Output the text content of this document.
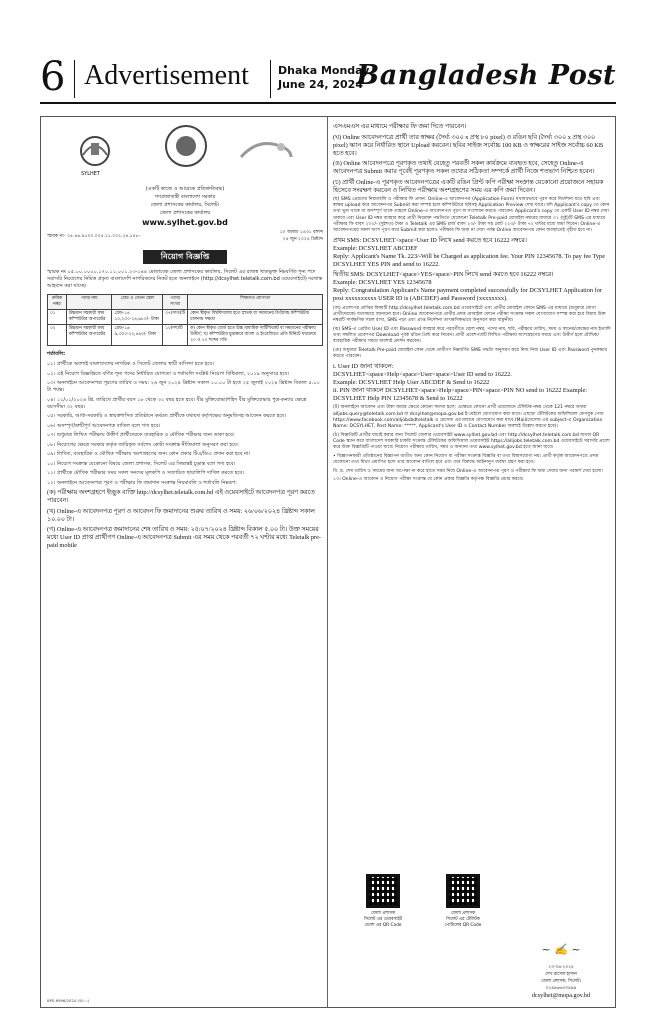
6 Advertisement	Dhaka Monday
June 24, 2024
Bangladesh Post
SYLHET
(একটি কাজে ও আরেকে প্রতিশ্রুতিবদ্ধ)
গণপ্রজাতন্ত্রী বাংলাদেশ সরকার
জেলা প্রশাসকের কার্যালয়, সিলেট।
জেলা প্রশাসকের কার্যালয়
www.sylhet.gov.bd
স্মারক নং- ০৫.৪৬.৯১০০.০০৫.১১.০০২.২৪.১৪৮-
১০ আষাঢ় ১৪৩১ বঙ্গাব্দ
২৪ জুন ২০২৪ খ্রিষ্টাব্দ
নিয়োগ বিজ্ঞপ্তি

স্মারক নং ০৫.০০.০০০০.১৭০.১১.০০১.২৩-১৪৪ মোতাবেক জেলা প্রশাসকের কার্যালয়, সিলেট এর রাজস্ব খাতভুক্ত নিম্নবর্ণিত শূন্য পদে সরাসরি নিয়োগের নিমিত্ত প্রকৃত বাংলাদেশি নাগরিকদের নিকট হতে অনলাইনে (http://dcsylhet.teletalk.com.bd ওয়েবসাইটে) দরখাস্ত আহবান করা যাচ্ছে।

ক্রমিক নম্বর	পদের নাম	গ্রেড ও বেতন স্কেল	পদের সংখ্যা	শিক্ষাগত যোগ্যতা
০১	উচ্চমান সহকারী কাম কম্পিউটার অপারেটর	গ্রেড-১৪ ১০,২০০-২৪,৬৮০/- টাকা	০৭(সাত)টি	কোন স্বীকৃত বিশ্ববিদ্যালয় হতে স্নাতক বা সমমানের ডিগ্রিসহ কম্পিউটার চালনায় দক্ষতা
০২	উচ্চমান সহকারী কাম কম্পিউটার অপারেটর	গ্রেড-১৬ ৯,৩০০-২২,৪৯০/- টাকা	১০(দশ)টি	ক) কোন স্বীকৃত বোর্ড হতে উচ্চ মাধ্যমিক সার্টিফিকেট বা সমমানের পরীক্ষায় উত্তীর্ণ; খ) কম্পিউটার মুদ্রাক্ষরে বাংলা ও ইংরেজিতে প্রতি মিনিটে যথাক্রমে ২০ ও ২০ শব্দের গতি
শর্তাবলি:

০১। প্রার্থীকে অবশ্যই বাংলাদেশের নাগরিক ও সিলেট জেলার স্থায়ী বাসিন্দা হতে হবে।

০২। এই নিয়োগ বিজ্ঞপ্তিতে বর্ণিত শূন্য পদের নির্ধারিত যোগ্যতা ও শর্তাবলি সংশ্লিষ্ট নিয়োগ বিধিমালা, ২০১৯ অনুসারে হবে।

০৩। অনলাইনে আবেদনপত্র পূরণের তারিখ ও সময়: ২৬ জুন ২০২৪ খ্রিষ্টাব্দ সকাল ১০.০০ টা হতে ২৫ জুলাই ২০২৪ খ্রিষ্টাব্দ বিকাল ৫.০০ টা পর্যন্ত।

০৪। ১১/০১/২০২৪ খ্রি. তারিখে প্রার্থীর বয়স ১৮ থেকে ৩২ বছর হতে হবে। বীর মুক্তিযোদ্ধা/শহিদ বীর মুক্তিযোদ্ধার পুত্র-কন্যার ক্ষেত্রে বয়সসীমা ৩২ বছর।

০৫। সরকারি, আধা-সরকারি ও স্বায়ত্তশাসিত প্রতিষ্ঠানে কর্মরত প্রার্থীকে যথাযথ কর্তৃপক্ষের অনুমতিসহ আবেদন করতে হবে।

০৬। অসম্পূর্ণ/ত্রুটিপূর্ণ আবেদনপত্র বাতিল বলে গণ্য হবে।

০৭। শুধুমাত্র লিখিত পরীক্ষায় উত্তীর্ণ প্রার্থীদেরকে ব্যবহারিক ও মৌখিক পরীক্ষার জন্য ডাকা হবে।

০৮। নিয়োগের ক্ষেত্রে সরকার কর্তৃক জারিকৃত সর্বশেষ কোটা সংক্রান্ত নীতিমালা অনুসরণ করা হবে।

০৯। লিখিত, ব্যবহারিক ও মৌখিক পরীক্ষায় অংশগ্রহণের জন্য কোন প্রকার টিএ/ডিএ প্রদান করা হবে না।

১০। নিয়োগ সংক্রান্ত যেকোনো বিষয়ে জেলা প্রশাসক, সিলেট এর সিদ্ধান্তই চূড়ান্ত বলে গণ্য হবে।

১১। প্রার্থীকে মৌখিক পরীক্ষার সময় সকল সনদের মূলকপি ও সত্যায়িত ছায়ালিপি দাখিল করতে হবে।

১২। অনলাইনে আবেদনপত্র পূরণ ও পরীক্ষার ফি জমাদান সংক্রান্ত নিয়মাবলি ও শর্তাবলি নিম্নরূপ:

(ক) পরীক্ষায় অংশগ্রহণে ইচ্ছুক ব্যক্তি http://dcsylhet.teletalk.com.bd এই ওয়েবসাইটে আবেদনপত্র পূরণ করতে পারবেন।

(খ) Online-এ আবেদনপত্র পূরণ ও আবেদন ফি জমাদানের শুরুর তারিখ ও সময়: ২৬/০৬/২০২৪ খ্রিষ্টাব্দ সকাল ১০.০০ টা।

(গ) Online-এ আবেদনপত্র জমাদানের শেষ তারিখ ও সময়: ২৫/০৭/২০২৪ খ্রিষ্টাব্দ বিকাল ৫.০০ টা। উক্ত সময়ের মধ্যে User ID প্রাপ্ত প্রার্থীগণ Online-এ আবেদনপত্র Submit এর সময় থেকে পরবর্তী ৭২ ঘণ্টার মধ্যে Teletalk pre-paid mobile

এসএমএস এর মাধ্যমে পরীক্ষার ফি জমা দিতে পারবেন।

(ঘ) Online আবেদনপত্রে প্রার্থী তার স্বাক্ষর (দৈর্ঘ্য ৩০০ x প্রস্থ ৮০ pixel) ও রঙিন ছবি (দৈর্ঘ্য ৩০০ x প্রস্থ ৩০০ pixel) স্ক্যান করে নির্ধারিত স্থানে Upload করবেন। ছবির সাইজ সর্বোচ্চ 100 KB ও স্বাক্ষরের সাইজ সর্বোচ্চ 60 KB হতে হবে।

(ঙ) Online আবেদনপত্রে পূরণকৃত তথ্যই যেহেতু পরবর্তী সকল কার্যক্রমে ব্যবহৃত হবে, সেহেতু Online-এ আবেদনপত্র Submit করার পূর্বেই পূরণকৃত সকল তথ্যের সঠিকতা সম্পর্কে প্রার্থী নিজে শতভাগ নিশ্চিত হবেন।

(চ) প্রার্থী Online-এ পূরণকৃত আবেদনপত্রের একটি রঙিন প্রিন্ট কপি পরীক্ষা সংক্রান্ত যেকোনো প্রয়োজনে সহায়ক হিসেবে সংরক্ষণ করবেন ও লিখিত পরীক্ষায় অংশগ্রহণের সময় এর কপি জমা দিবেন।

(ছ) SMS প্রেরণের নিয়মাবলি ও পরীক্ষার ফি প্রদান: Online-এ আবেদনপত্র (Application Form) যথাযথভাবে পূরণ করে নির্দেশনা মতে ছবি এবং স্বাক্ষর upload করে আবেদনপত্র Submit করা সম্পন্ন হলে কম্পিউটারে ছবিসহ Application Preview দেখা যাবে। যদি Applicant's copy তে কোন তথ্য ভুল থাকে বা অসম্পূর্ণ থাকে তাহলে Online-এ আবেদনপত্র পূরণ বা সংশোধন করতে পারবেন। Applicant's copy তে একটি User ID নম্বর দেয়া থাকবে এবং User ID নম্বর ব্যবহার করে প্রার্থী নিম্নোক্ত পদ্ধতিতে যেকোনো Teletalk Pre-paid মোবাইল নম্বরের মাধ্যমে ০২ (দুই)টি SMS এর মাধ্যমে পরীক্ষার ফি বাবদ ২০০/- (দুইশত) টাকা ও Teletalk এর SMS চার্জ বাবদ ২৩/- টাকা সহ মোট ২২৩/- টাকা ৭২ ঘণ্টার মধ্যে জমা দিবেন। Online-এ আবেদনপত্রের সকল অংশ পূরণ করে Submit করা হলেও পরীক্ষার ফি জমা না দেয়া পর্যন্ত Online আবেদনপত্র কোন অবস্থাতেই গৃহীত হবে না।

প্রথম SMS: DCSYLHET<space>User ID লিখে send করতে হবে 16222 নম্বরে।

Example: DCSYLHET ABCDEF

Reply: Applicant's Name Tk. 223/-Will be Charged as application fee. Your PIN 12345678. To pay fee Type DCSYLHET YES PIN and send to 16222.

দ্বিতীয় SMS: DCSYLHET<space>YES<space>PIN লিখে send করতে হবে 16222 নম্বরে।

Example: DCSYLHET YES 12345678

Reply: Congratulation Applicant's Name payment completed successfully for DCSYLHET Application for post xxxxxxxxxx USER ID is (ABCDEF) and Password (xxxxxxxx).

(জ) প্রবেশপত্র প্রাপ্তির বিষয়টি http://dcsylhet.teletalk.com.bd ওয়েবসাইটে এবং প্রার্থীর মোবাইল ফোনে SMS এর মাধ্যমে (শুধুমাত্র যোগ্য প্রার্থীদেরকে) যথাসময়ে জানানো হবে। Online আবেদনপত্রে প্রার্থীর প্রদত্ত মোবাইল ফোনে পরীক্ষা সংক্রান্ত সকল যোগাযোগ সম্পন্ন করা হবে বিধায় উক্ত নম্বরটি সার্বক্ষণিক সচল রাখা, SMS পড়া এবং প্রাপ্ত নির্দেশনা তাৎক্ষণিকভাবে অনুসরণ করা বাঞ্ছনীয়।

(ঝ) SMS-এ প্রেরিত User ID এবং Password ব্যবহার করে পরবর্তীতে রোল নম্বর, পদের নাম, ছবি, পরীক্ষার তারিখ, সময় ও স্থানের/কেন্দ্রের নাম ইত্যাদি তথ্য সম্বলিত প্রবেশপত্র Download পূর্বক রঙিন প্রিন্ট করে নিবেন। প্রার্থী প্রবেশপত্রটি লিখিত পরীক্ষায় অংশগ্রহণের সময়ে এবং উত্তীর্ণ হলে মৌখিক/ব্যবহারিক পরীক্ষার সময়ে অবশ্যই প্রদর্শন করবেন।

(ঞ) শুধুমাত্র Teletalk Pre-paid মোবাইল ফোন থেকে প্রার্থীগণ নিম্নবর্ণিত SMS পদ্ধতি অনুসরণ করে নিজ নিজ User ID এবং Password পুনরুদ্ধার করতে পারবেন।

i. User ID জানা থাকলে:

DCSYLHET<space>Help<space>User<space>User ID send to 16222.

Example: DCSYLHET Help User ABCDEF & Send to 16222

ii. PIN জানা থাকলে DCSYLHET<space>Help<space>PIN<space>PIN NO send to 16222 Example: DCSYLHET Help PIN 12345678 & Send to 16222

(ট) অনলাইনে আবেদন এবং টাকা জমার ক্ষেত্রে কোনো সমস্যা হলে: এক্ষেত্রে কোনো প্রার্থী প্রয়োজনে টেলিটক নম্বর থেকে 121 নম্বরে অথবা alljobs.query@teletalk.com.bd বা dcsylhet@mopa.gov.bd ই-মেইলে যোগাযোগ করা যাবে। এছাড়া টেলিটকের অফিশিয়াল ফেসবুক পেজ https://www.facebook.com/alljobsbdteletalk এ মেসেজ এর মাধ্যমে যোগাযোগ করা যাবে (Mail/মেসেজ এর subject-এ Organization Name: DCSYLHET, Post Name: *****, Applicant's User ID ও Contact Number অবশ্যই উল্লেখ করতে হবে)।

(ঠ) বিজ্ঞপ্তিটি প্রার্থীর যাচাই করার জন্য সিলেট জেলার ওয়েবসাইট www.sylhet.gov.bd এবং http://dcsylhet.teletalk.com.bd অথবা QR Code স্ক্যান করে বাংলাদেশ সরকারি চাকরি সংক্রান্ত টেলিটকের অফিসিয়াল ওয়েবসাইট https://alljobs.teletalk.com.bd ওয়েবসাইটে সরাসরি প্রবেশ করে উক্ত বিজ্ঞপ্তিটি পাওয়া যাবে। নিয়োগ পরীক্ষার তারিখ, সময় ও অন্যান্য তথ্য www.sylhet.gov.bd হতে জানা যাবে।

• বিজ্ঞাপনকারী প্রতিষ্ঠানের বিজ্ঞাপন ব্যতীত অন্য কোন নিয়োগ বা পরীক্ষা সংক্রান্ত বিজ্ঞপ্তি বা তথ্য বিশ্বাসযোগ্য নয়। প্রার্থী কর্তৃক আবেদনপত্রে প্রদত্ত যেকোনো তথ্য মিথ্যা প্রমাণিত হলে তার আবেদন বাতিল হবে এবং তার বিরুদ্ধে আইনানুগ ব্যবস্থা গ্রহণ করা হবে।

বি. দ্র. শেষ তারিখ ও সময়ের জন্য অপেক্ষা না করে হাতে সময় নিয়ে Online-এ আবেদনপত্র পূরণ ও পরীক্ষার ফি জমা দেয়ার জন্য পরামর্শ দেয়া হলো।

১৩। Online-এ আবেদন ও নিয়োগ পরীক্ষা সংক্রান্ত যে কোন প্রকার বিজ্ঞপ্তি কর্তৃপক্ষ বিজ্ঞপ্তি প্রচার করবে।

জেলা প্রশাসক
সিলেট এর ওয়েবসাইট
প্রবেশ এর QR Code
জেলা প্রশাসক
সিলেট এর টেলিটক
পোর্টালের QR Code
~ ✍ ~
২৩-০৬-২০২৪
শেখ রাসেল হাসান
জেলা প্রশাসক, সিলেট।
০২৯৯৬৬৩৩৯৯৯
dcsylhet@mopa.gov.bd
BPS-6996/2024 (ক/১০)
